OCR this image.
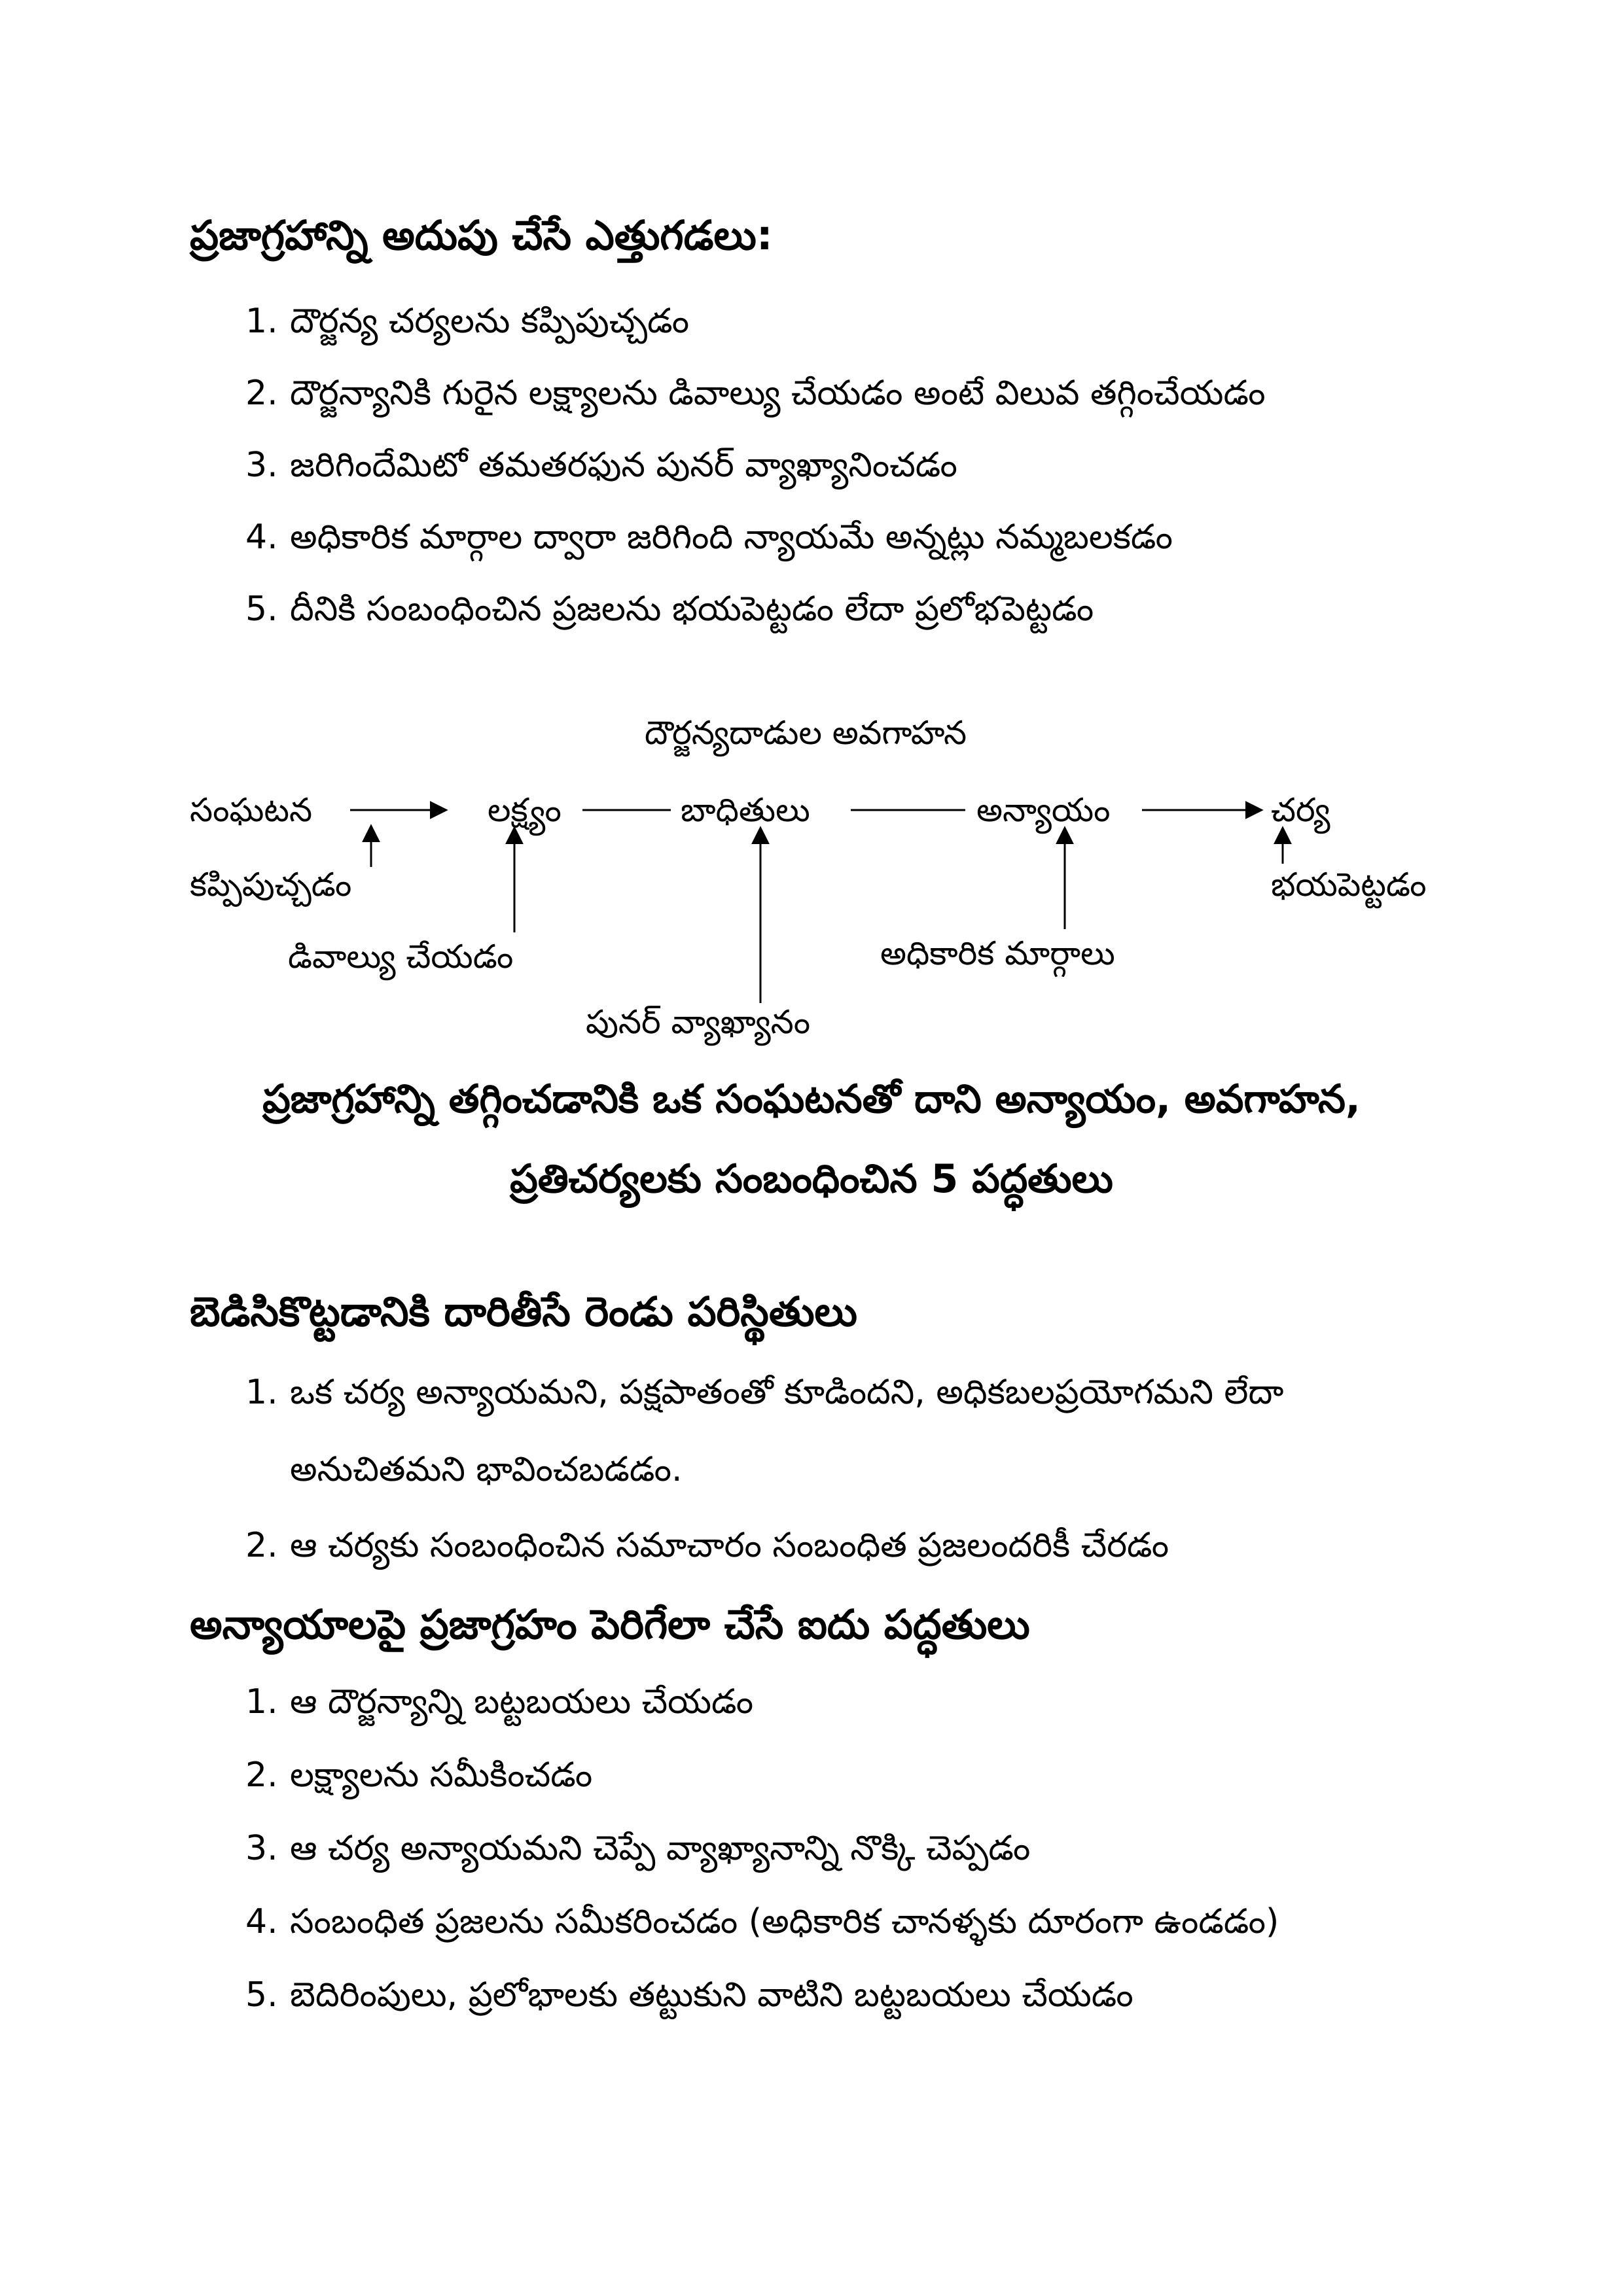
ప్రజాగ్రహాన్ని అదుపు చేసే ఎత్తుగడలు:
1. దౌర్జన్య చర్యలను కప్పిపుచ్చడం
2. దౌర్జన్యానికి గురైన లక్ష్యాలను డివాల్యు చేయడం అంటే విలువ తగ్గించేయడం
3. జరిగిందేమిటో తమతరఫున పునర్ వ్యాఖ్యానించడం
4. అధికారిక మార్గాల ద్వారా జరిగింది న్యాయమే అన్నట్లు నమ్మబలకడం
5. దీనికి సంబంధించిన ప్రజలను భయపెట్టడం లేదా ప్రలోభపెట్టడం
దౌర్జన్యదాడుల అవగాహన
సంఘటన	లక్ష్యం	బాధితులు	అన్యాయం	చర్య
కప్పిపుచ్చడం
డివాల్యు చేయడం
పునర్ వ్యాఖ్యానం
అధికారిక మార్గాలు
భయపెట్టడం
ప్రజాగ్రహాన్ని తగ్గించడానికి ఒక సంఘటనతో దాని అన్యాయం, అవగాహన,
ప్రతిచర్యలకు సంబంధించిన 5 పద్ధతులు
బెడిసికొట్టడానికి దారితీసే రెండు పరిస్థితులు
1. ఒక చర్య అన్యాయమని, పక్షపాతంతో కూడిందని, అధికబలప్రయోగమని లేదా
అనుచితమని భావించబడడం.
2. ఆ చర్యకు సంబంధించిన సమాచారం సంబంధిత ప్రజలందరికీ చేరడం
అన్యాయాలపై ప్రజాగ్రహం పెరిగేలా చేసే ఐదు పద్ధతులు
1. ఆ దౌర్జన్యాన్ని బట్టబయలు చేయడం
2. లక్ష్యాలను సమీకించడం
3. ఆ చర్య అన్యాయమని చెప్పే వ్యాఖ్యానాన్ని నొక్కి చెప్పడం
4. సంబంధిత ప్రజలను సమీకరించడం (అధికారిక చానళ్ళకు దూరంగా ఉండడం)
5. బెదిరింపులు, ప్రలోభాలకు తట్టుకుని వాటిని బట్టబయలు చేయడం
